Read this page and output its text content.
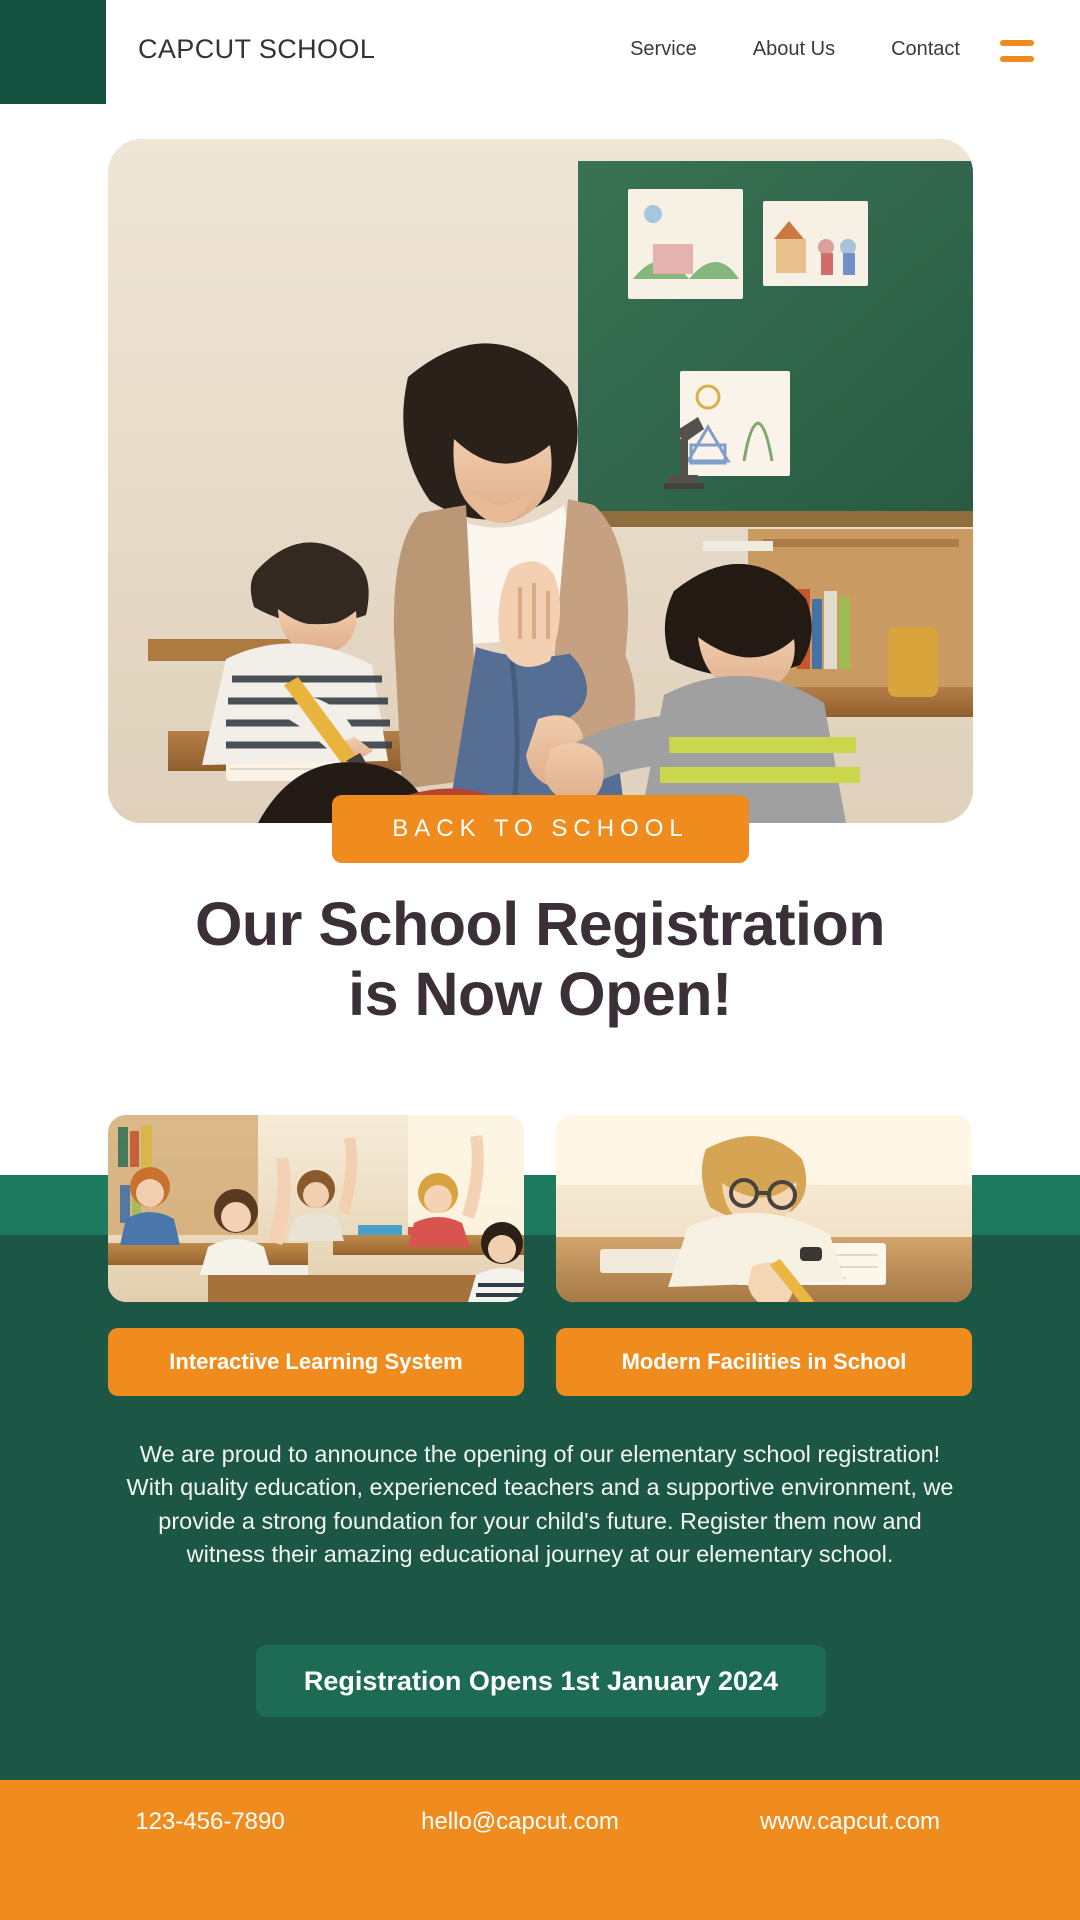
CAPCUT SCHOOL	Service	About Us	Contact
BACK TO SCHOOL
Our School Registration
is Now Open!
Interactive Learning System	Modern Facilities in School
We are proud to announce the opening of our elementary school registration! With quality education, experienced teachers and a supportive environment, we provide a strong foundation for your child's future. Register them now and witness their amazing educational journey at our elementary school.
Registration Opens 1st January 2024
123-456-7890	hello@capcut.com	www.capcut.com
